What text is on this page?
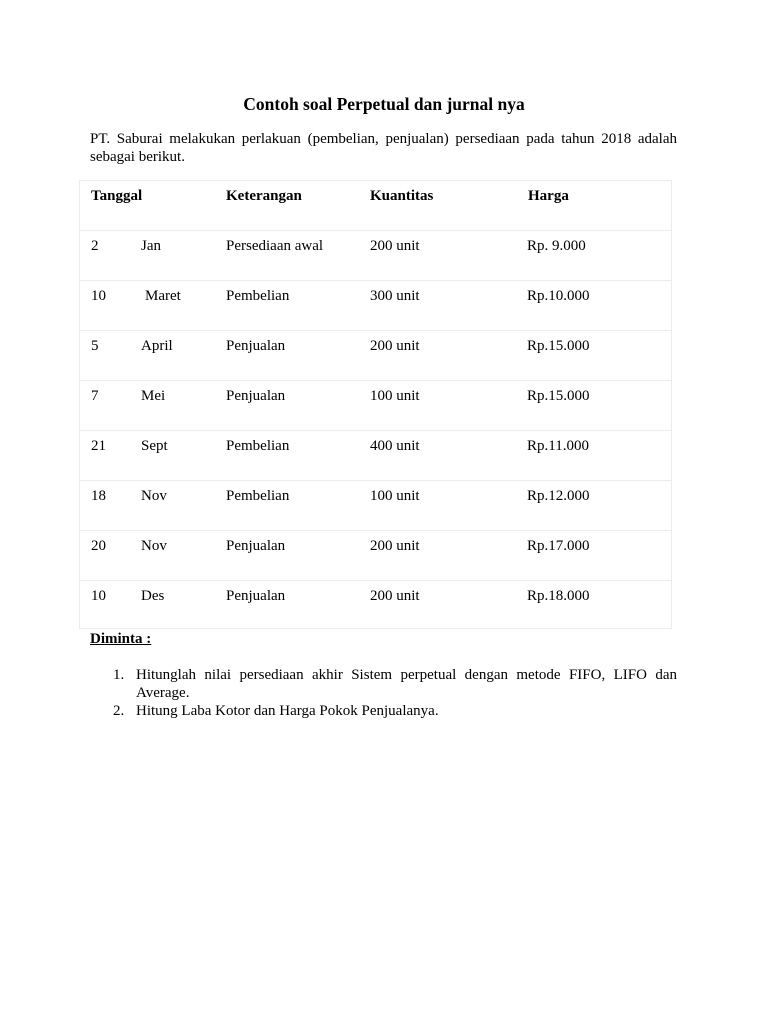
Contoh soal Perpetual dan jurnal nya
PT. Saburai melakukan perlakuan (pembelian, penjualan) persediaan pada tahun 2018 adalah
sebagai berikut.
Tanggal	Keterangan	Kuantitas	Harga
2	Jan	Persediaan awal	200 unit	Rp. 9.000
10	Maret	Pembelian	300 unit	Rp.10.000
5	April	Penjualan	200 unit	Rp.15.000
7	Mei	Penjualan	100 unit	Rp.15.000
21 Sept	Pembelian	400 unit	Rp.11.000
18 Nov	Pembelian	100 unit	Rp.12.000
20 Nov	Penjualan	200 unit	Rp.17.000
10 Des	Penjualan	200 unit	Rp.18.000
Diminta :
1. Hitunglah nilai persediaan akhir Sistem perpetual dengan metode FIFO, LIFO dan
Average.
2. Hitung Laba Kotor dan Harga Pokok Penjualanya.
